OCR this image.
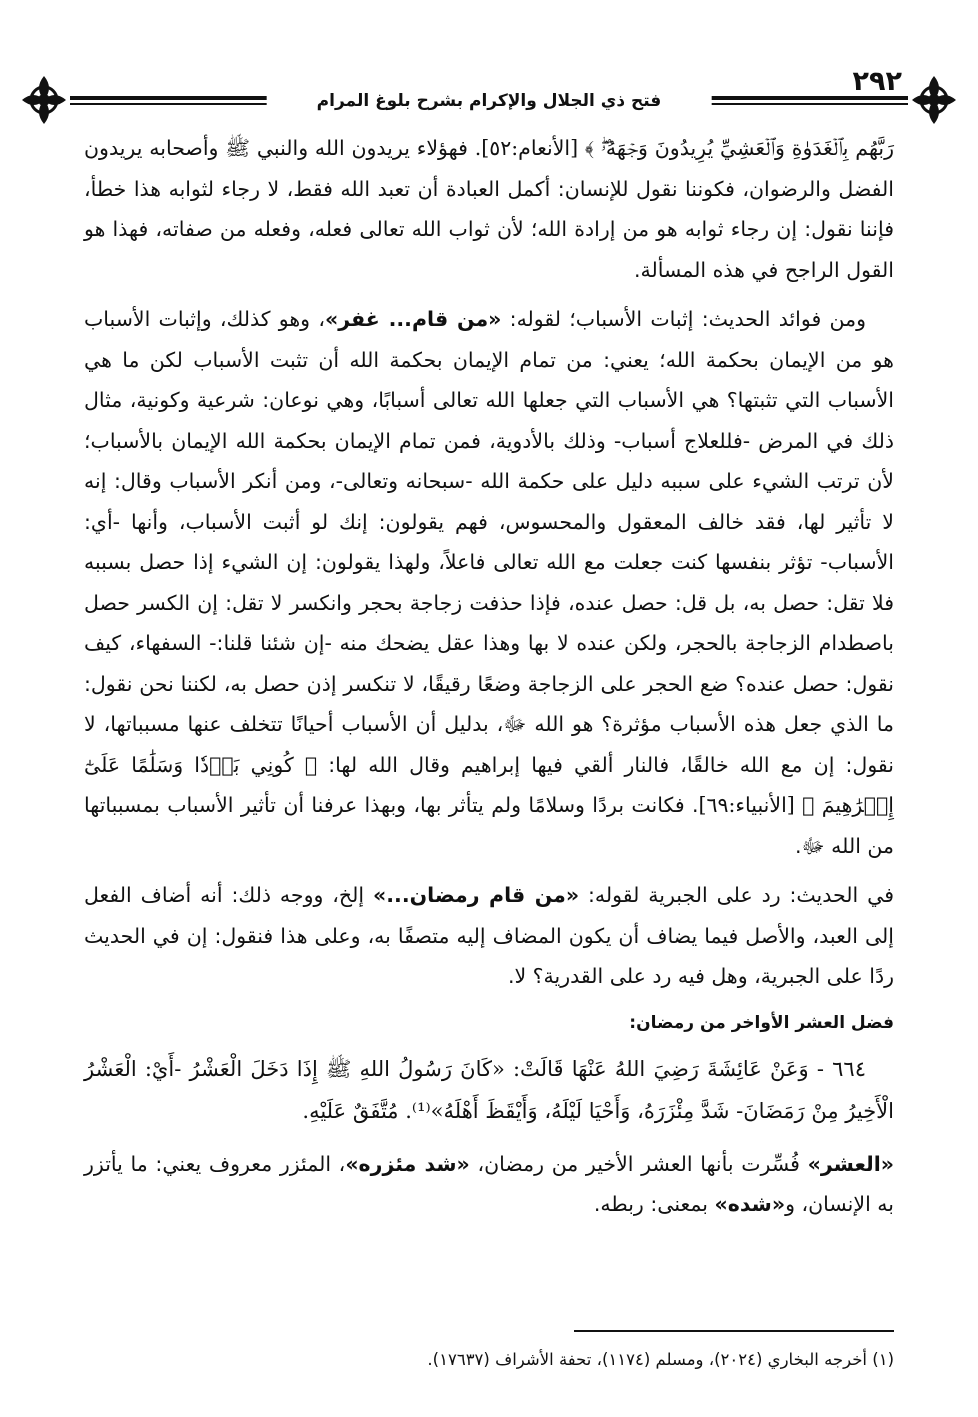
٢٩٢
فتح ذي الجلال والإكرام بشرح بلوغ المرام

رَبَّهُم بِٱلۡغَدَوٰةِ وَٱلۡعَشِيِّ يُرِيدُونَ وَجۡهَهُۥۖ ﴾ [الأنعام:٥٢]. فهؤلاء يريدون الله والنبي ﷺ وأصحابه يريدون الفضل والرضوان، فكوننا نقول للإنسان: أكمل العبادة أن تعبد الله فقط، لا رجاء لثوابه هذا خطأ، فإننا نقول: إن رجاء ثوابه هو من إرادة الله؛ لأن ثواب الله تعالى فعله، وفعله من صفاته، فهذا هو القول الراجح في هذه المسألة.

ومن فوائد الحديث: إثبات الأسباب؛ لقوله: «من قام... غفر»، وهو كذلك، وإثبات الأسباب هو من الإيمان بحكمة الله؛ يعني: من تمام الإيمان بحكمة الله أن تثبت الأسباب لكن ما هي الأسباب التي تثبتها؟ هي الأسباب التي جعلها الله تعالى أسبابًا، وهي نوعان: شرعية وكونية، مثال ذلك في المرض -فللعلاج أسباب- وذلك بالأدوية، فمن تمام الإيمان بحكمة الله الإيمان بالأسباب؛ لأن ترتب الشيء على سببه دليل على حكمة الله -سبحانه وتعالى-، ومن أنكر الأسباب وقال: إنه لا تأثير لها، فقد خالف المعقول والمحسوس، فهم يقولون: إنك لو أثبت الأسباب، وأنها -أي: الأسباب- تؤثر بنفسها كنت جعلت مع الله تعالى فاعلاً، ولهذا يقولون: إن الشيء إذا حصل بسببه فلا تقل: حصل به، بل قل: حصل عنده، فإذا حذفت زجاجة بحجر وانكسر لا تقل: إن الكسر حصل باصطدام الزجاجة بالحجر، ولكن عنده لا بها وهذا عقل يضحك منه -إن شئنا قلنا:- السفهاء، كيف نقول: حصل عنده؟ ضع الحجر على الزجاجة وضعًا رقيقًا، لا تنكسر إذن حصل به، لكننا نحن نقول: ما الذي جعل هذه الأسباب مؤثرة؟ هو الله ﷻ، بدليل أن الأسباب أحيانًا تتخلف عنها مسبباتها، لا نقول: إن مع الله خالقًا، فالنار ألقي فيها إبراهيم وقال الله لها: ﴿ كُونِي بَرۡدٗا وَسَلَٰمًا عَلَىٰٓ إِبۡرَٰهِيمَ ﴾ [الأنبياء:٦٩]. فكانت بردًا وسلامًا ولم يتأثر بها، وبهذا عرفنا أن تأثير الأسباب بمسبباتها من الله ﷻ.

في الحديث: رد على الجبرية لقوله: «من قام رمضان...» إلخ، ووجه ذلك: أنه أضاف الفعل إلى العبد، والأصل فيما يضاف أن يكون المضاف إليه متصفًا به، وعلى هذا فنقول: إن في الحديث ردًا على الجبرية، وهل فيه رد على القدرية؟ لا.

فضل العشر الأواخر من رمضان:

٦٦٤ - وَعَنْ عَائِشَةَ رَضِيَ اللهُ عَنْهَا قَالَتْ: «كَانَ رَسُولُ اللهِ ﷺ إِذَا دَخَلَ الْعَشْرُ -أَيْ: الْعَشْرُ الْأَخِيرُ مِنْ رَمَضَانَ- شَدَّ مِئْزَرَهُ، وَأَحْيَا لَيْلَهُ، وَأَيْقَظَ أَهْلَهُ»⁽¹⁾. مُتَّفَقٌ عَلَيْهِ.

«العشر» فُسِّرت بأنها العشر الأخير من رمضان، «شد مئزره»، المئزر معروف يعني: ما يأتزر به الإنسان، و«شده» بمعنى: ربطه.

(١) أخرجه البخاري (٢٠٢٤)، ومسلم (١١٧٤)، تحفة الأشراف (١٧٦٣٧).
